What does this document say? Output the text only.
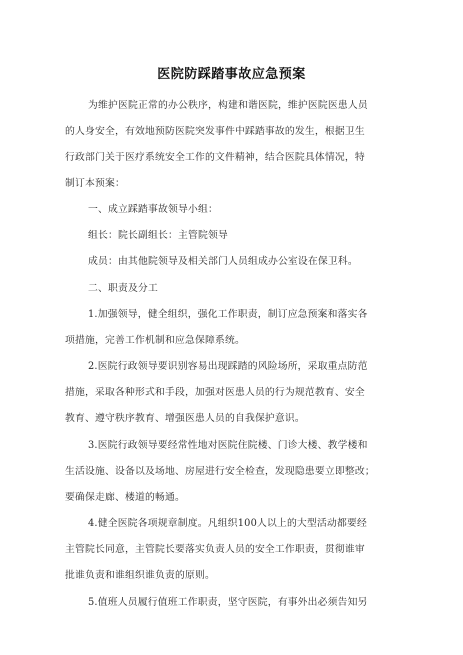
医院防踩踏事故应急预案
为维护医院正常的办公秩序，构建和谐医院，维护医院医患人员
的人身安全，有效地预防医院突发事件中踩踏事故的发生，根据卫生
行政部门关于医疗系统安全工作的文件精神，结合医院具体情况，特
制订本预案：
一、成立踩踏事故领导小组：
组长：院长副组长：主管院领导
成员：由其他院领导及相关部门人员组成办公室设在保卫科。
二、职责及分工
1.加强领导，健全组织，强化工作职责，制订应急预案和落实各
项措施，完善工作机制和应急保障系统。
2.医院行政领导要识别容易出现踩踏的风险场所，采取重点防范
措施，采取各种形式和手段，加强对医患人员的行为规范教育、安全
教育、遵守秩序教育、增强医患人员的自我保护意识。
3.医院行政领导要经常性地对医院住院楼、门诊大楼、教学楼和
生活设施、设备以及场地、房屋进行安全检查，发现隐患要立即整改；
要确保走廊、楼道的畅通。
4.健全医院各项规章制度。凡组织100人以上的大型活动都要经
主管院长同意，主管院长要落实负责人员的安全工作职责，贯彻谁审
批谁负责和谁组织谁负责的原则。
5.值班人员履行值班工作职责，坚守医院，有事外出必须告知另
